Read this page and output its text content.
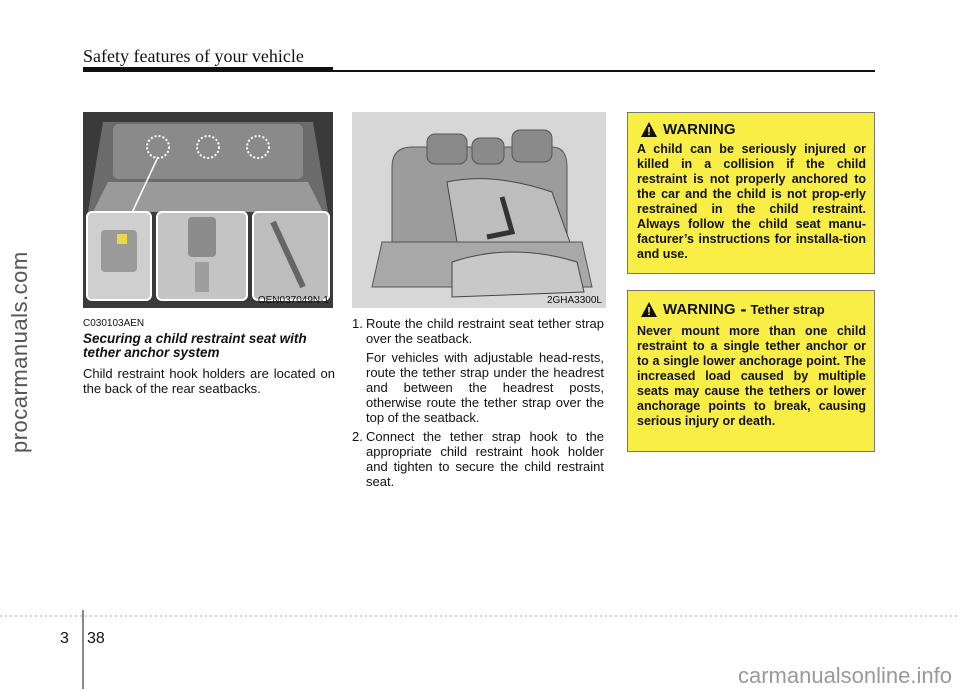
Safety features of your vehicle
procarmanuals.com	OEN037049N-1	2GHA3300L
C030103AEN
Securing a child restraint seat with tether anchor system
Child restraint hook holders are located on the back of the rear seatbacks.
1. Route the child restraint seat tether strap over the seatback.
For vehicles with adjustable head-rests, route the tether strap under the headrest and between the headrest posts, otherwise route the tether strap over the top of the seatback.
2. Connect the tether strap hook to the appropriate child restraint hook holder and tighten to secure the child restraint seat.
WARNING
A child can be seriously injured or killed in a collision if the child restraint is not properly anchored to the car and the child is not prop-erly restrained in the child restraint. Always follow the child seat manu-facturer’s instructions for installa-tion and use.
WARNING - Tether strap
Never mount more than one child restraint to a single tether anchor or to a single lower anchorage point. The increased load caused by multiple seats may cause the tethers or lower anchorage points to break, causing serious injury or death.
3 38
carmanualsonline.info
